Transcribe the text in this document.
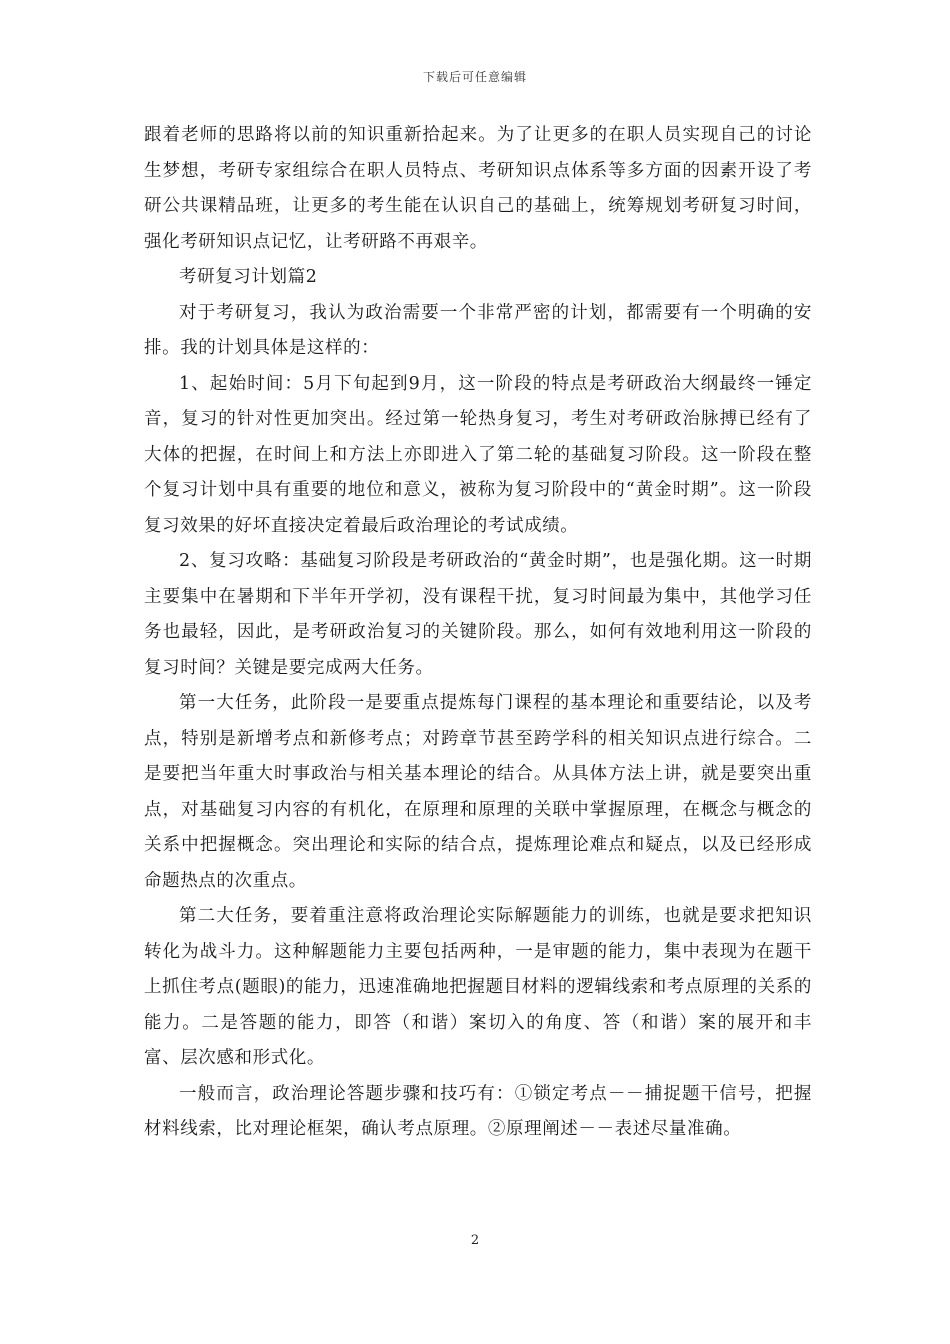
下载后可任意编辑

跟着老师的思路将以前的知识重新拾起来。为了让更多的在职人员实现自己的讨论生梦想，考研专家组综合在职人员特点、考研知识点体系等多方面的因素开设了考研公共课精品班，让更多的考生能在认识自己的基础上，统筹规划考研复习时间，强化考研知识点记忆，让考研路不再艰辛。

考研复习计划篇2

对于考研复习，我认为政治需要一个非常严密的计划，都需要有一个明确的安排。我的计划具体是这样的：

1、起始时间：5月下旬起到9月，这一阶段的特点是考研政治大纲最终一锤定音，复习的针对性更加突出。经过第一轮热身复习，考生对考研政治脉搏已经有了大体的把握，在时间上和方法上亦即进入了第二轮的基础复习阶段。这一阶段在整个复习计划中具有重要的地位和意义，被称为复习阶段中的“黄金时期”。这一阶段复习效果的好坏直接决定着最后政治理论的考试成绩。

2、复习攻略：基础复习阶段是考研政治的“黄金时期”，也是强化期。这一时期主要集中在暑期和下半年开学初，没有课程干扰，复习时间最为集中，其他学习任务也最轻，因此，是考研政治复习的关键阶段。那么，如何有效地利用这一阶段的复习时间？关键是要完成两大任务。

第一大任务，此阶段一是要重点提炼每门课程的基本理论和重要结论，以及考点，特别是新增考点和新修考点；对跨章节甚至跨学科的相关知识点进行综合。二是要把当年重大时事政治与相关基本理论的结合。从具体方法上讲，就是要突出重点，对基础复习内容的有机化，在原理和原理的关联中掌握原理，在概念与概念的关系中把握概念。突出理论和实际的结合点，提炼理论难点和疑点，以及已经形成命题热点的次重点。

第二大任务，要着重注意将政治理论实际解题能力的训练，也就是要求把知识转化为战斗力。这种解题能力主要包括两种，一是审题的能力，集中表现为在题干上抓住考点(题眼)的能力，迅速准确地把握题目材料的逻辑线索和考点原理的关系的能力。二是答题的能力，即答（和谐）案切入的角度、答（和谐）案的展开和丰富、层次感和形式化。

一般而言，政治理论答题步骤和技巧有：①锁定考点－－捕捉题干信号，把握材料线索，比对理论框架，确认考点原理。②原理阐述－－表述尽量准确。

2
